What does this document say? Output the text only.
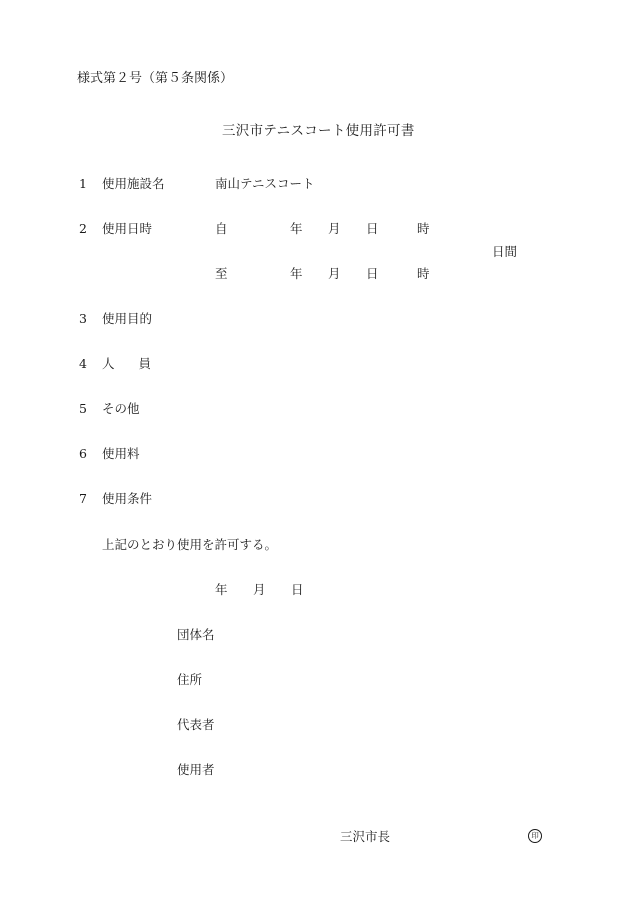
様式第２号（第５条関係）
三沢市テニスコート使用許可書
1 使用施設名	南山テニスコート
2 使用日時	自	年 月 日	時
日間
至	年 月 日	時
3 使用目的
4 人 員
5 その他
6 使用料
7 使用条件
上記のとおり使用を許可する。
年 月 日
団体名
住所
代表者
使用者
三沢市長	印
